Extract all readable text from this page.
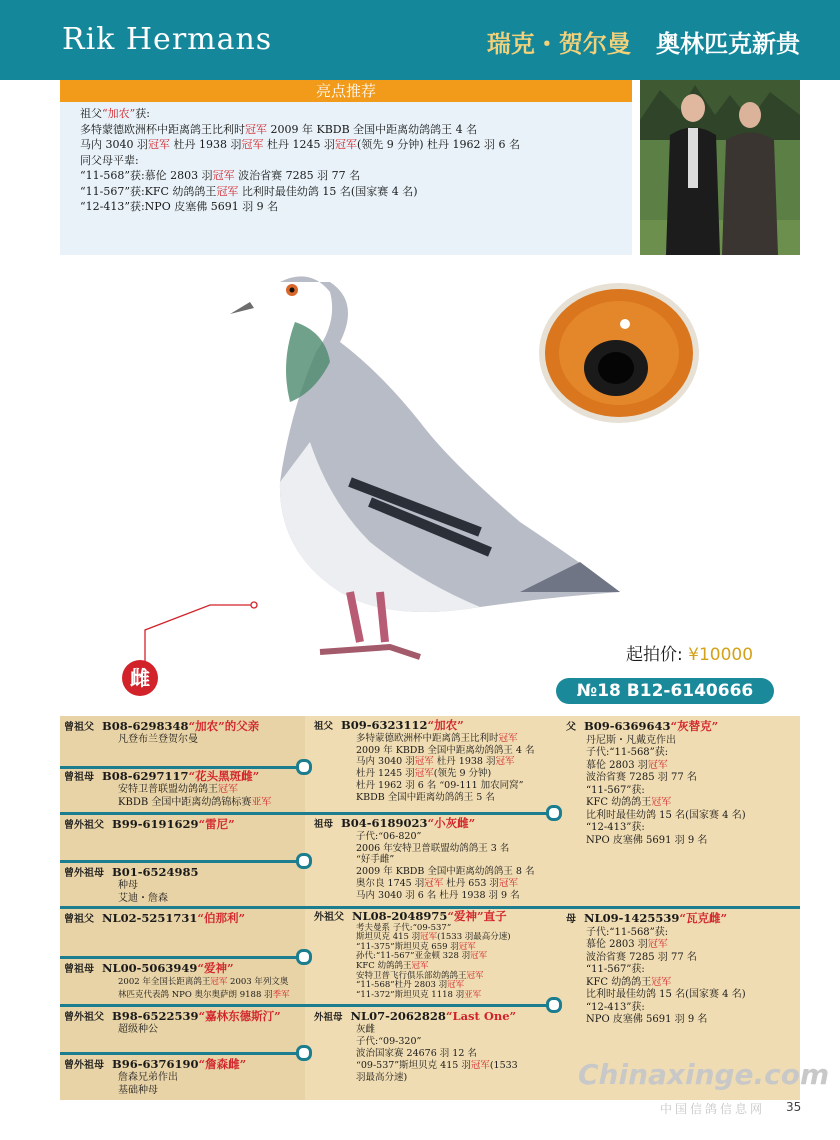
Rik Hermans	瑞克・贺尔曼 奥林匹克新贵
亮点推荐
祖父“加农”获:
多特蒙德欧洲杯中距离鸽王比利时冠军 2009 年 KBDB 全国中距离幼鸽鸽王 4 名
马内 3040 羽冠军 杜丹 1938 羽冠军 杜丹 1245 羽冠军(领先 9 分钟) 杜丹 1962 羽 6 名
同父母平辈:
“11-568”获:慕伦 2803 羽冠军 波治省赛 7285 羽 77 名
“11-567”获:KFC 幼鸽鸽王冠军 比利时最佳幼鸽 15 名(国家赛 4 名)
“12-413”获:NPO 皮塞佛 5691 羽 9 名
雌
起拍价: ¥10000
№18 B12-6140666
曾祖父 B08-6298348“加农”的父亲
凡登布兰登贺尔曼
曾祖母 B08-6297117“花头黑斑雌”
安特卫普联盟幼鸽鸽王冠军
KBDB 全国中距离幼鸽锦标赛亚军
曾外祖父 B99-6191629“雷尼”
曾外祖母 B01-6524985
种母
艾迪・詹森
曾祖父 NL02-5251731“伯那利”
曾祖母 NL00-5063949“爱神”
2002 年全国长距离鸽王冠军 2003 年列文奥
林匹克代表鸽 NPO 奥尔奥萨朗 9188 羽季军
曾外祖父 B98-6522539“嘉林东德斯汀”
超级种公
曾外祖母 B96-6376190“詹森雌”
詹森兄弟作出
基础种母
祖父 B09-6323112“加农”
多特蒙德欧洲杯中距离鸽王比利时冠军
2009 年 KBDB 全国中距离幼鸽鸽王 4 名
马内 3040 羽冠军 杜丹 1938 羽冠军
杜丹 1245 羽冠军(领先 9 分钟)
杜丹 1962 羽 6 名 “09-111 加农同窝”
KBDB 全国中距离幼鸽鸽王 5 名
祖母 B04-6189023“小灰雌”
子代:“06-820”
2006 年安特卫普联盟幼鸽鸽王 3 名
“好手雌”
2009 年 KBDB 全国中距离幼鸽鸽王 8 名
奥尔良 1745 羽冠军 杜丹 653 羽冠军
马内 3040 羽 6 名 杜丹 1938 羽 9 名
外祖父 NL08-2048975“爱神”直子
考夫曼系 子代:“09-537”
斯坦贝克 415 羽冠军(1533 羽最高分速)
“11-375”斯坦贝克 659 羽冠军
孙代:“11-567”亚金顿 328 羽冠军
KFC 幼鸽鸽王冠军
安特卫普飞行俱乐部幼鸽鸽王冠军
“11-568”杜丹 2803 羽冠军
“11-372”斯坦贝克 1118 羽亚军
外祖母 NL07-2062828“Last One”
灰雌
子代:“09-320”
波治国家赛 24676 羽 12 名
“09-537”斯坦贝克 415 羽冠军(1533
羽最高分速)
父 B09-6369643“灰替克”
丹尼斯・凡戴克作出
子代:“11-568”获:
慕伦 2803 羽冠军
波治省赛 7285 羽 77 名
“11-567”获:
KFC 幼鸽鸽王冠军
比利时最佳幼鸽 15 名(国家赛 4 名)
“12-413”获:
NPO 皮塞佛 5691 羽 9 名
母 NL09-1425539“瓦克雌”
子代:“11-568”获:
慕伦 2803 羽冠军
波治省赛 7285 羽 77 名
“11-567”获:
KFC 幼鸽鸽王冠军
比利时最佳幼鸽 15 名(国家赛 4 名)
“12-413”获:
NPO 皮塞佛 5691 羽 9 名
Chinaxinge.com
中国信鸽信息网 35
